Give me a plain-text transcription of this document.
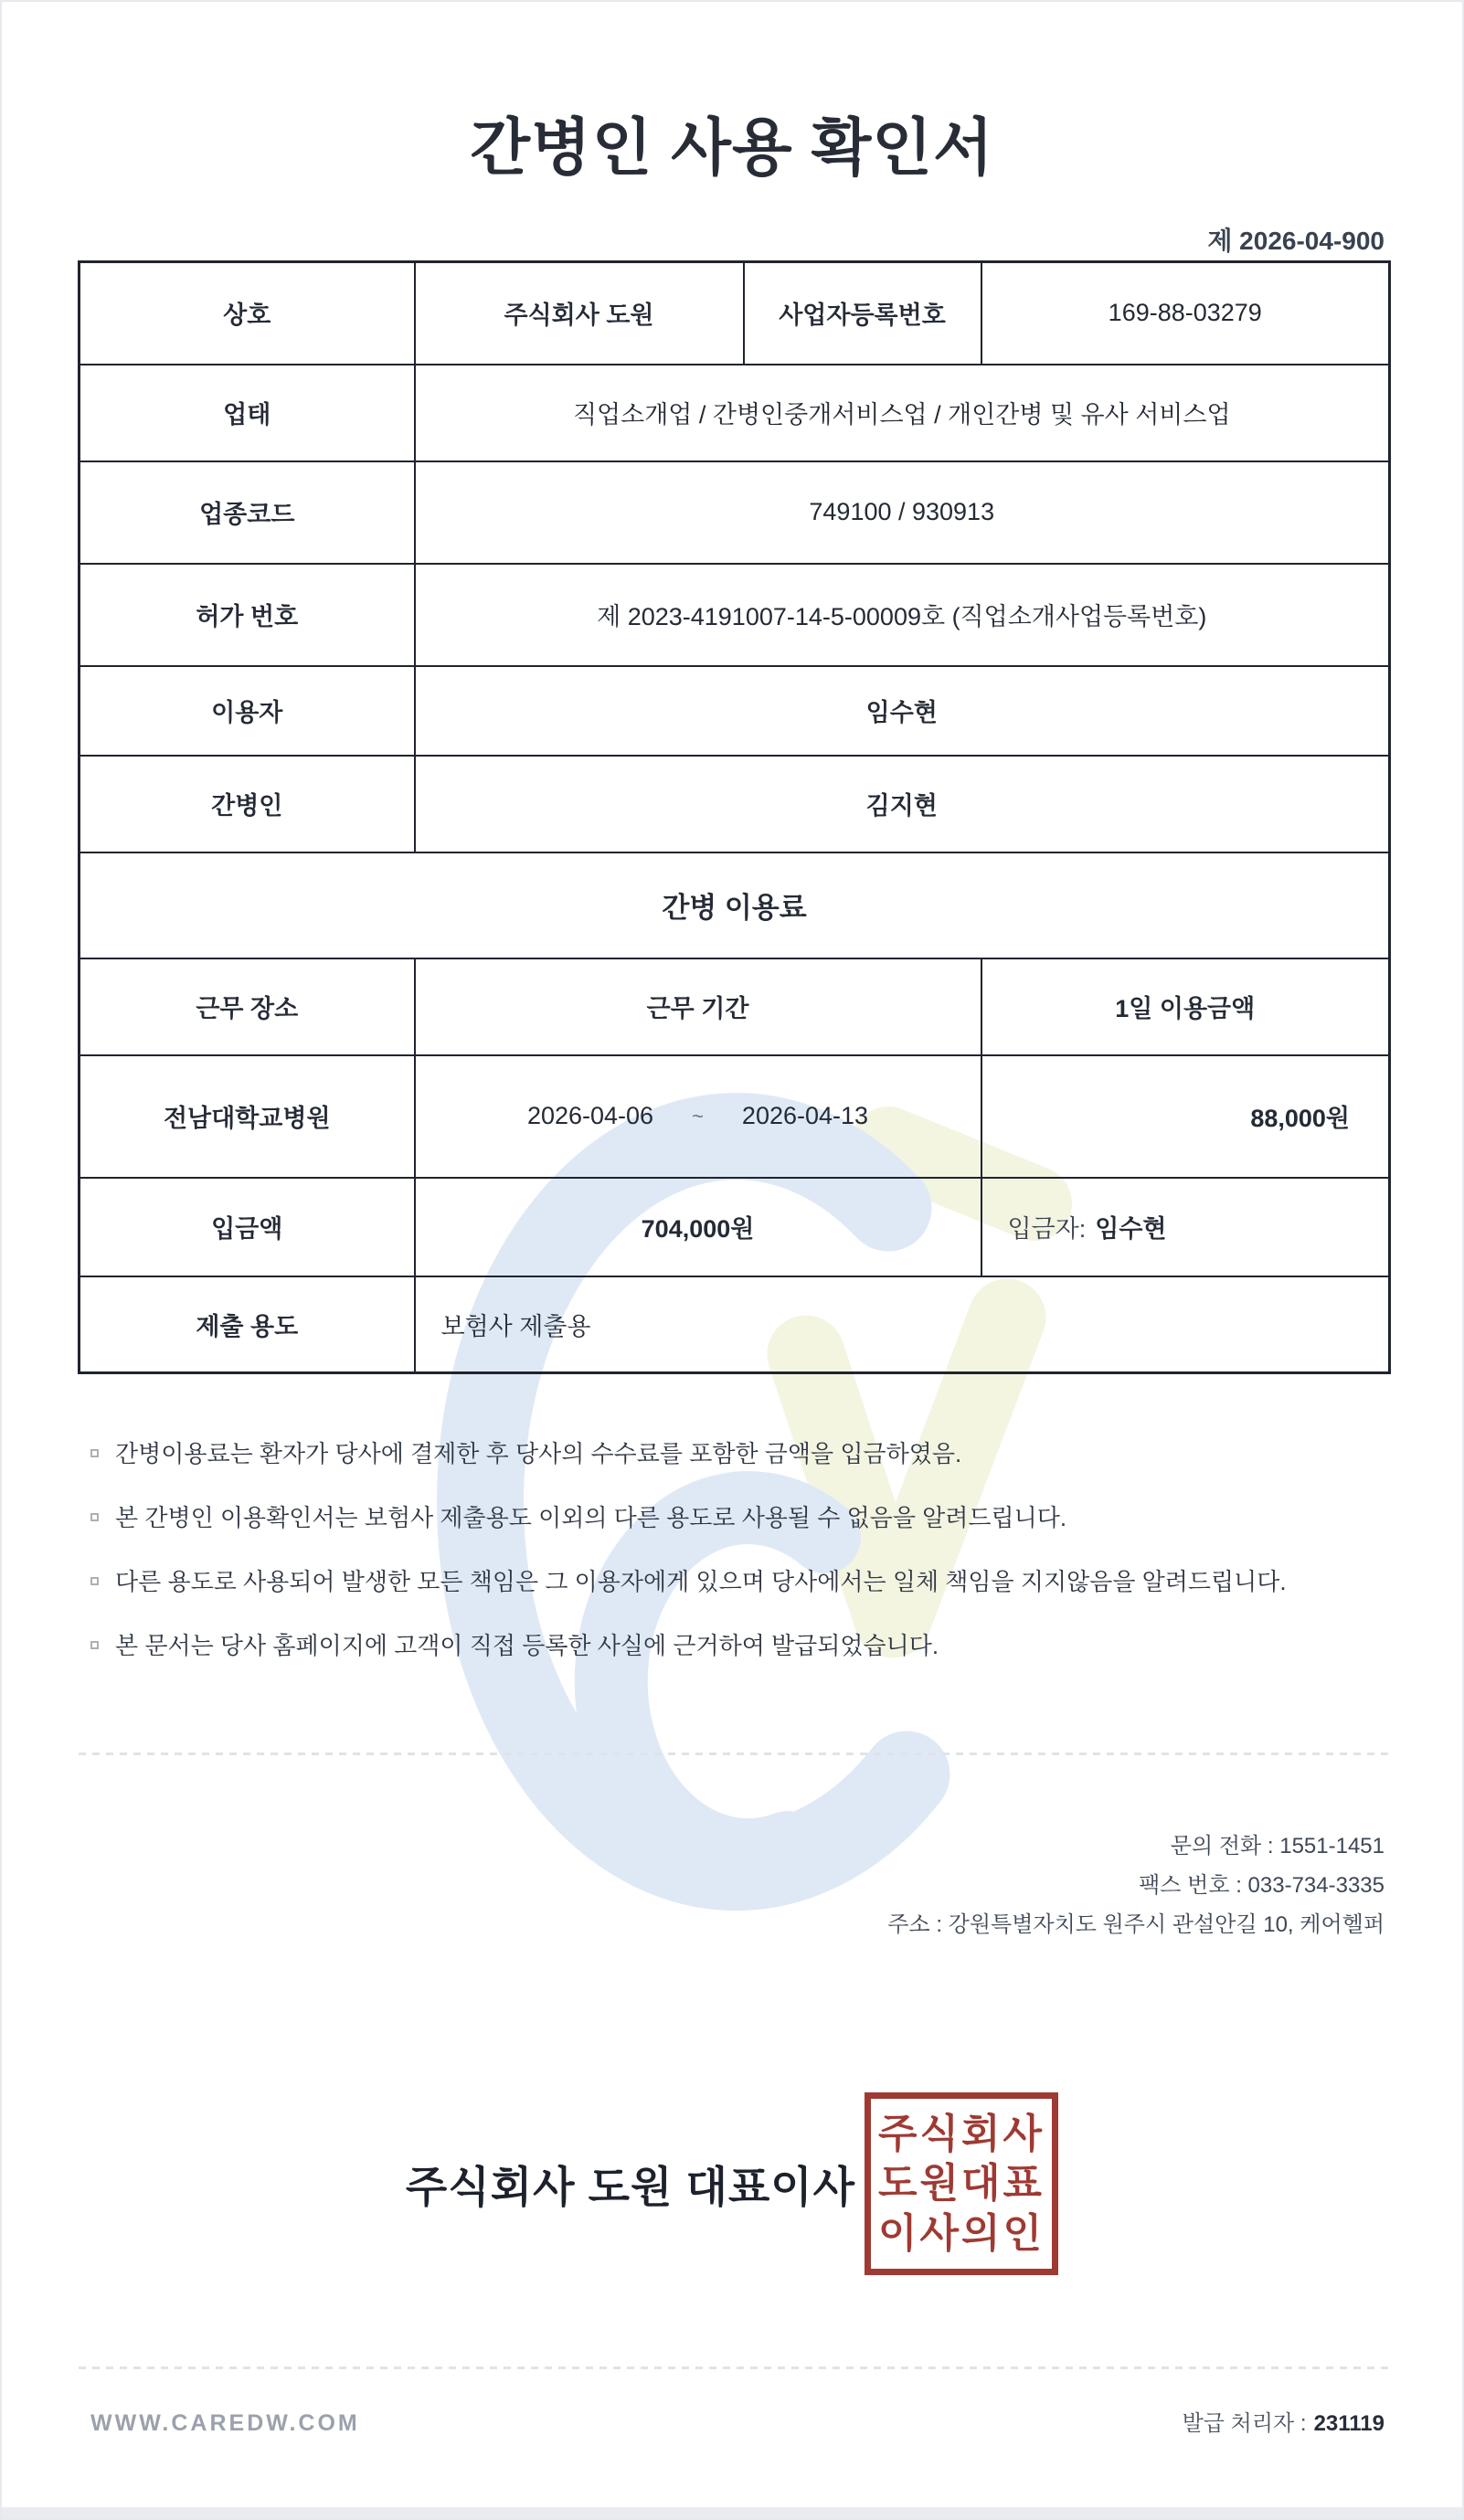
간병인 사용 확인서
제 2026-04-900
상호	주식회사 도원	사업자등록번호	169-88-03279
업태	직업소개업 / 간병인중개서비스업 / 개인간병 및 유사 서비스업		
업종코드	749100 / 930913		
허가 번호	제 2023-4191007-14-5-00009호 (직업소개사업등록번호)		
이용자	임수현		
간병인	김지현		
간병 이용료			
근무 장소	근무 기간		1일 이용금액
전남대학교병원	2026-04-06 ~ 2026-04-13		88,000원
입금액	704,000원		입금자: 임수현
제출 용도	보험사 제출용		
간병이용료는 환자가 당사에 결제한 후 당사의 수수료를 포함한 금액을 입금하였음.
본 간병인 이용확인서는 보험사 제출용도 이외의 다른 용도로 사용될 수 없음을 알려드립니다.
다른 용도로 사용되어 발생한 모든 책임은 그 이용자에게 있으며 당사에서는 일체 책임을 지지않음을 알려드립니다.
본 문서는 당사 홈페이지에 고객이 직접 등록한 사실에 근거하여 발급되었습니다.
문의 전화 : 1551-1451
팩스 번호 : 033-734-3335
주소 : 강원특별자치도 원주시 관설안길 10, 케어헬퍼
주식회사 도원 대표이사
주식회사
도원대표
이사의인
WWW.CAREDW.COM	발급 처리자 : 231119
